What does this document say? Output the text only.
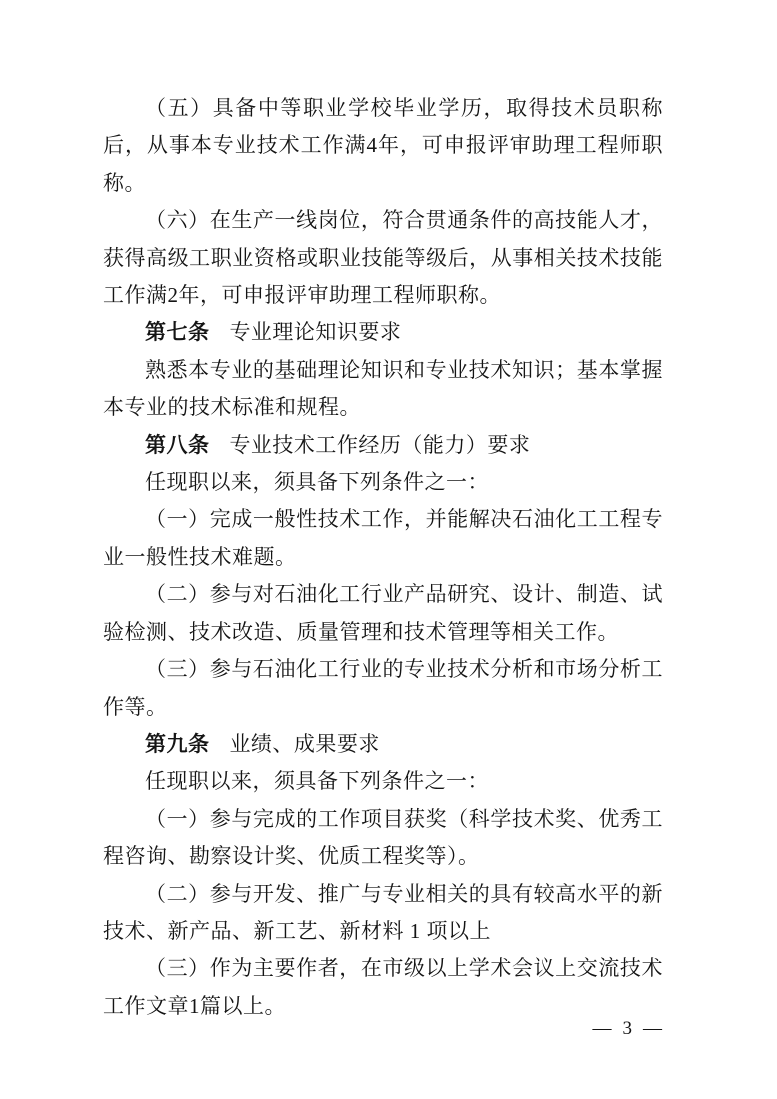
（五）具备中等职业学校毕业学历，取得技术员职称后，从事本专业技术工作满4年，可申报评审助理工程师职称。

（六）在生产一线岗位，符合贯通条件的高技能人才，获得高级工职业资格或职业技能等级后，从事相关技术技能工作满2年，可申报评审助理工程师职称。

第七条 专业理论知识要求

熟悉本专业的基础理论知识和专业技术知识；基本掌握本专业的技术标准和规程。

第八条 专业技术工作经历（能力）要求

任现职以来，须具备下列条件之一：

（一）完成一般性技术工作，并能解决石油化工工程专业一般性技术难题。

（二）参与对石油化工行业产品研究、设计、制造、试验检测、技术改造、质量管理和技术管理等相关工作。

（三）参与石油化工行业的专业技术分析和市场分析工作等。

第九条 业绩、成果要求

任现职以来，须具备下列条件之一：

（一）参与完成的工作项目获奖（科学技术奖、优秀工程咨询、勘察设计奖、优质工程奖等）。

（二）参与开发、推广与专业相关的具有较高水平的新技术、新产品、新工艺、新材料 1 项以上

（三）作为主要作者，在市级以上学术会议上交流技术工作文章1篇以上。

— 3 —
